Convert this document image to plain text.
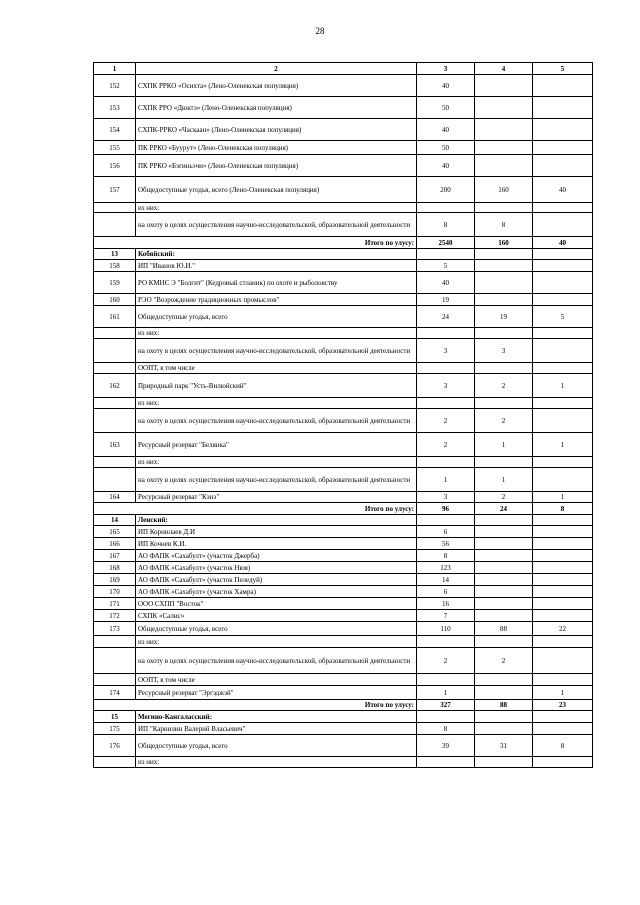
28
1	2	3	4	5
152	СХПК РРКО «Осихта» (Лено-Оленекская популяция)	40		
153	СХПК РРО «Дюктэ» (Лено-Оленекская популяция)	50		
154	СХПК-РРКО «Часкаан» (Лено-Оленекская популяция)	40		
155	ПК РРКО «Буурут» (Лено-Оленекская популяция)	50		
156	ПК РРКО «Бэгиньэчи» (Лено-Оленекская популяция)	40		
157	Общедоступные угодья, всего (Лено-Оленекская популяция)	200	160	40
	из них:			
	на охоту в целях осуществления научно-исследовательской, образовательной деятельности	8	8	
Итого по улусу:		2540	160	40
13	Кобяйский:			
158	ИП "Иванов Ю.И."	5		
159	РО КМНС Э "Болгит" (Кедровый стланик) по охоте и рыболовству	40		
160	РЭО "Возрождение традиционных промыслов"	19		
161	Общедоступные угодья, всего	24	19	5
	из них:			
	на охоту в целях осуществления научно-исследовательской, образовательной деятельности	3	3	
	ООПТ, в том числе			
162	Природный парк "Усть-Вилюйский"	3	2	1
	из них:			
	на охоту в целях осуществления научно-исследовательской, образовательной деятельности	2	2	
163	Ресурсный резерват "Белянка"	2	1	1
	из них:			
	на охоту в целях осуществления научно-исследовательской, образовательной деятельности	1	1	
164	Ресурсный резерват "Кэнэ"	3	2	1
Итого по улусу:		96	24	8
14	Ленский:			
165	ИП Корнилаев Д.И	6		
166	ИП Кочнев К.И.	56		
167	АО ФАПК «Сахабулт» (участок Джерба)	8		
168	АО ФАПК «Сахабулт» (участок Нюя)	123		
169	АО ФАПК «Сахабулт» (участок Пеледуй)	14		
170	АО ФАПК «Сахабулт» (участок Хамра)	6		
171	ООО СХПП "Восток"	16		
172	СХПК «Салис»	7		
173	Общедоступные угодья, всего	110	88	22
	из них:			
	на охоту в целях осуществления научно-исследовательской, образовательной деятельности	2	2	
	ООПТ, в том числе			
174	Ресурсный резерват "Эргэджэй"	1		1
Итого по улусу:		327	88	23
15	Мегино-Кангаласский:			
175	ИП "Карнилин Валерий Власьевич"	8		
176	Общедоступные угодья, всего	39	31	8
	из них:			
